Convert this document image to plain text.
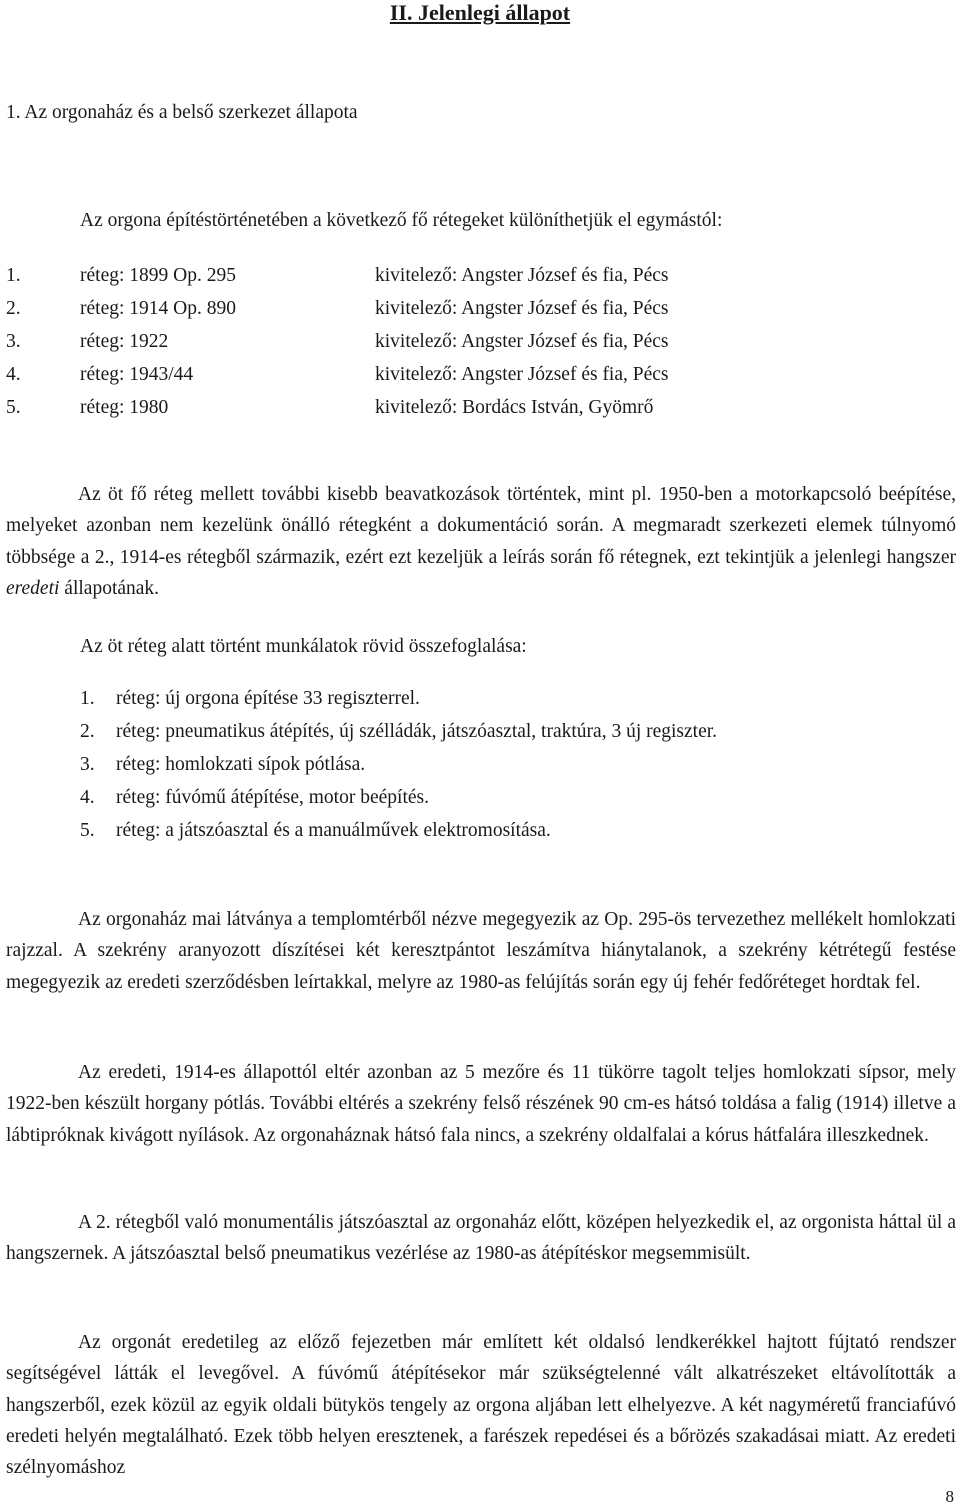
II. Jelenlegi állapot
1. Az orgonaház és a belső szerkezet állapota
Az orgona építéstörténetében a következő fő rétegeket különíthetjük el egymástól:
1.	réteg: 1899 Op. 295	kivitelező: Angster József és fia, Pécs
2.	réteg: 1914 Op. 890	kivitelező: Angster József és fia, Pécs
3.	réteg: 1922	kivitelező: Angster József és fia, Pécs
4.	réteg: 1943/44	kivitelező: Angster József és fia, Pécs
5.	réteg: 1980	kivitelező: Bordács István, Gyömrő
Az öt fő réteg mellett további kisebb beavatkozások történtek, mint pl. 1950-ben a motorkapcsoló beépítése, melyeket azonban nem kezelünk önálló rétegként a dokumentáció során. A megmaradt szerkezeti elemek túlnyomó többsége a 2., 1914-es rétegből származik, ezért ezt kezeljük a leírás során fő rétegnek, ezt tekintjük a jelenlegi hangszer eredeti állapotának.
Az öt réteg alatt történt munkálatok rövid összefoglalása:
1. réteg: új orgona építése 33 regiszterrel.
2. réteg: pneumatikus átépítés, új szélládák, játszóasztal, traktúra, 3 új regiszter.
3. réteg: homlokzati sípok pótlása.
4. réteg: fúvómű átépítése, motor beépítés.
5. réteg: a játszóasztal és a manuálművek elektromosítása.
Az orgonaház mai látványa a templomtérből nézve megegyezik az Op. 295-ös tervezethez mellékelt homlokzati rajzzal. A szekrény aranyozott díszítései két keresztpántot leszámítva hiánytalanok, a szekrény kétrétegű festése megegyezik az eredeti szerződésben leírtakkal, melyre az 1980-as felújítás során egy új fehér fedőréteget hordtak fel.
Az eredeti, 1914-es állapottól eltér azonban az 5 mezőre és 11 tükörre tagolt teljes homlokzati sípsor, mely 1922-ben készült horgany pótlás. További eltérés a szekrény felső részének 90 cm-es hátsó toldása a falig (1914) illetve a lábtipróknak kivágott nyílások. Az orgonaháznak hátsó fala nincs, a szekrény oldalfalai a kórus hátfalára illeszkednek.
A 2. rétegből való monumentális játszóasztal az orgonaház előtt, középen helyezkedik el, az orgonista háttal ül a hangszernek. A játszóasztal belső pneumatikus vezérlése az 1980-as átépítéskor megsemmisült.
Az orgonát eredetileg az előző fejezetben már említett két oldalsó lendkerékkel hajtott fújtató rendszer segítségével látták el levegővel. A fúvómű átépítésekor már szükségtelenné vált alkatrészeket eltávolították a hangszerből, ezek közül az egyik oldali bütykös tengely az orgona aljában lett elhelyezve. A két nagyméretű franciafúvó eredeti helyén megtalálható. Ezek több helyen eresztenek, a farészek repedései és a bőrözés szakadásai miatt. Az eredeti szélnyomáshoz
8
